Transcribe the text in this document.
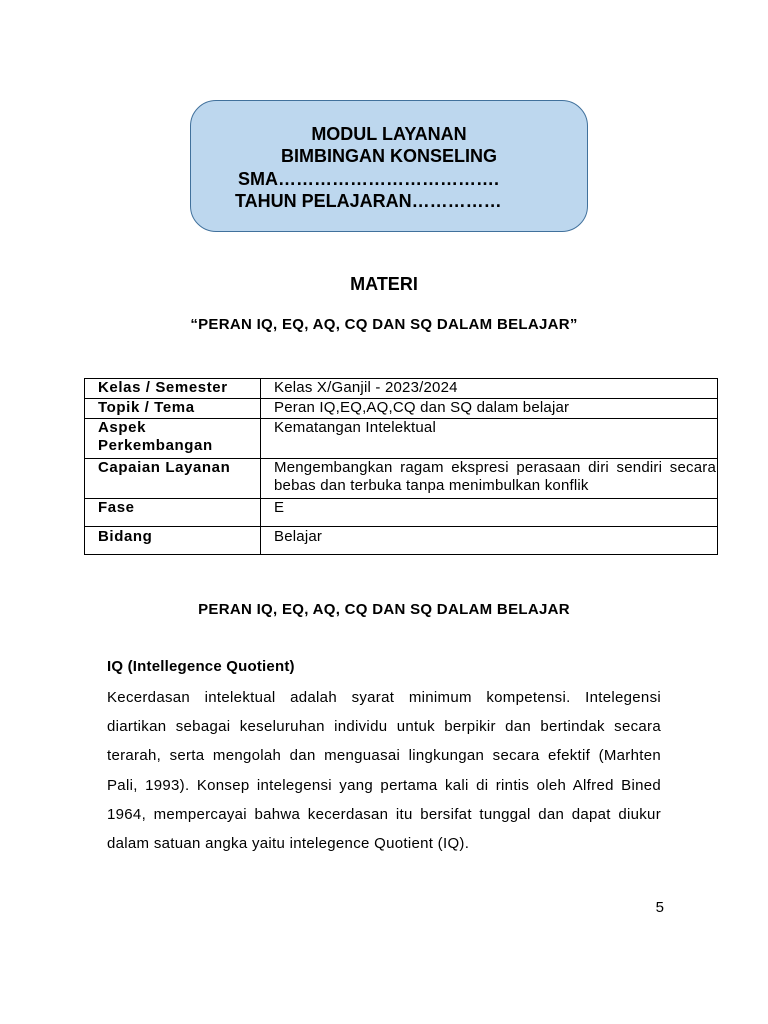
MODUL LAYANAN
BIMBINGAN KONSELING
SMA……………………………….
TAHUN PELAJARAN……………
MATERI
“PERAN IQ, EQ, AQ, CQ DAN SQ DALAM BELAJAR”
Kelas / Semester	Kelas X/Ganjil - 2023/2024
Topik / Tema	Peran IQ,EQ,AQ,CQ dan SQ dalam belajar
Aspek Perkembangan	Kematangan Intelektual
Capaian Layanan	Mengembangkan ragam ekspresi perasaan diri sendiri secara bebas dan terbuka tanpa menimbulkan konflik
Fase	E
Bidang	Belajar
PERAN IQ, EQ, AQ, CQ DAN SQ DALAM BELAJAR
IQ (Intellegence Quotient)
Kecerdasan intelektual adalah syarat minimum kompetensi. Intelegensi diartikan sebagai keseluruhan individu untuk berpikir dan bertindak secara terarah, serta mengolah dan menguasai lingkungan secara efektif (Marhten Pali, 1993). Konsep intelegensi yang pertama kali di rintis oleh Alfred Bined 1964, mempercayai bahwa kecerdasan itu bersifat tunggal dan dapat diukur dalam satuan angka yaitu intelegence Quotient (IQ).
5
